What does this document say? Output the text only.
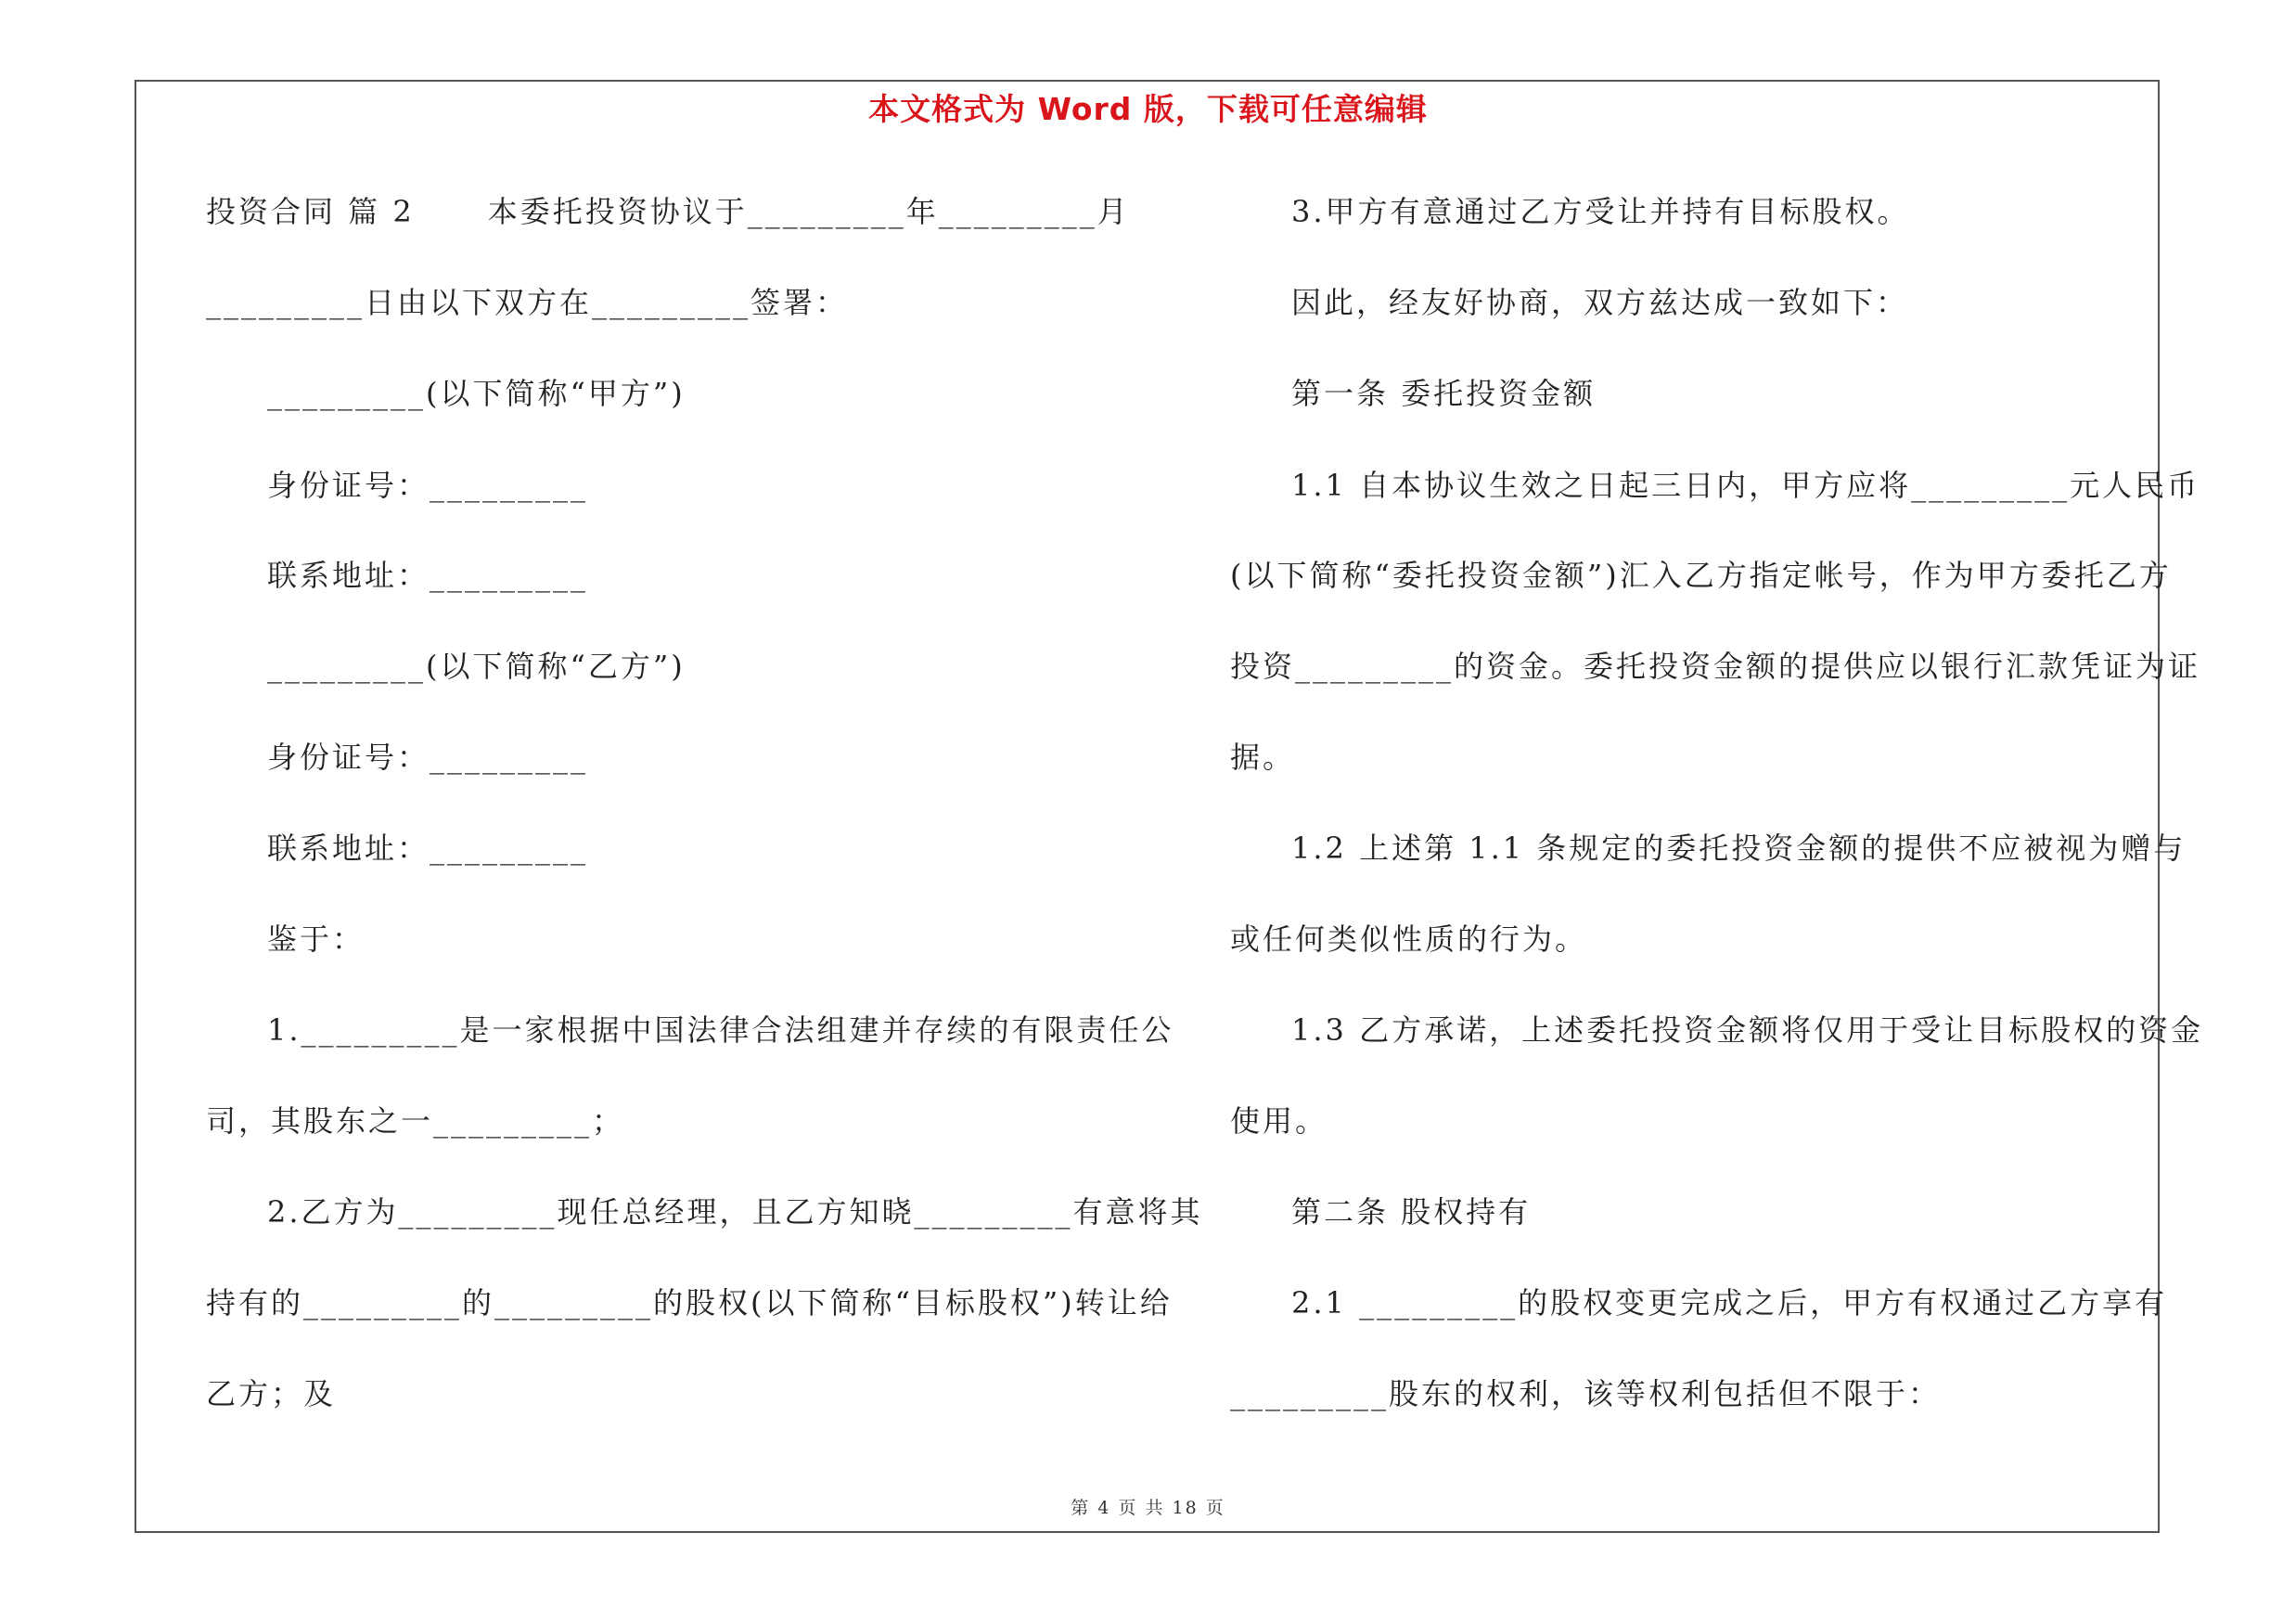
本文格式为 Word 版，下载可任意编辑
投资合同 篇 2      本委托投资协议于_________年_________月
_________日由以下双方在_________签署：
_________(以下简称“甲方”)
身份证号：_________
联系地址：_________
_________(以下简称“乙方”)
身份证号：_________
联系地址：_________
鉴于：
1._________是一家根据中国法律合法组建并存续的有限责任公
司，其股东之一_________；
2.乙方为_________现任总经理，且乙方知晓_________有意将其
持有的_________的_________的股权(以下简称“目标股权”)转让给
乙方；及
3.甲方有意通过乙方受让并持有目标股权。
因此，经友好协商，双方兹达成一致如下：
第一条 委托投资金额
1.1 自本协议生效之日起三日内，甲方应将_________元人民币
(以下简称“委托投资金额”)汇入乙方指定帐号，作为甲方委托乙方
投资_________的资金。委托投资金额的提供应以银行汇款凭证为证
据。
1.2 上述第 1.1 条规定的委托投资金额的提供不应被视为赠与
或任何类似性质的行为。
1.3 乙方承诺，上述委托投资金额将仅用于受让目标股权的资金
使用。
第二条 股权持有
2.1 _________的股权变更完成之后，甲方有权通过乙方享有
_________股东的权利，该等权利包括但不限于：
第 4 页 共 18 页
